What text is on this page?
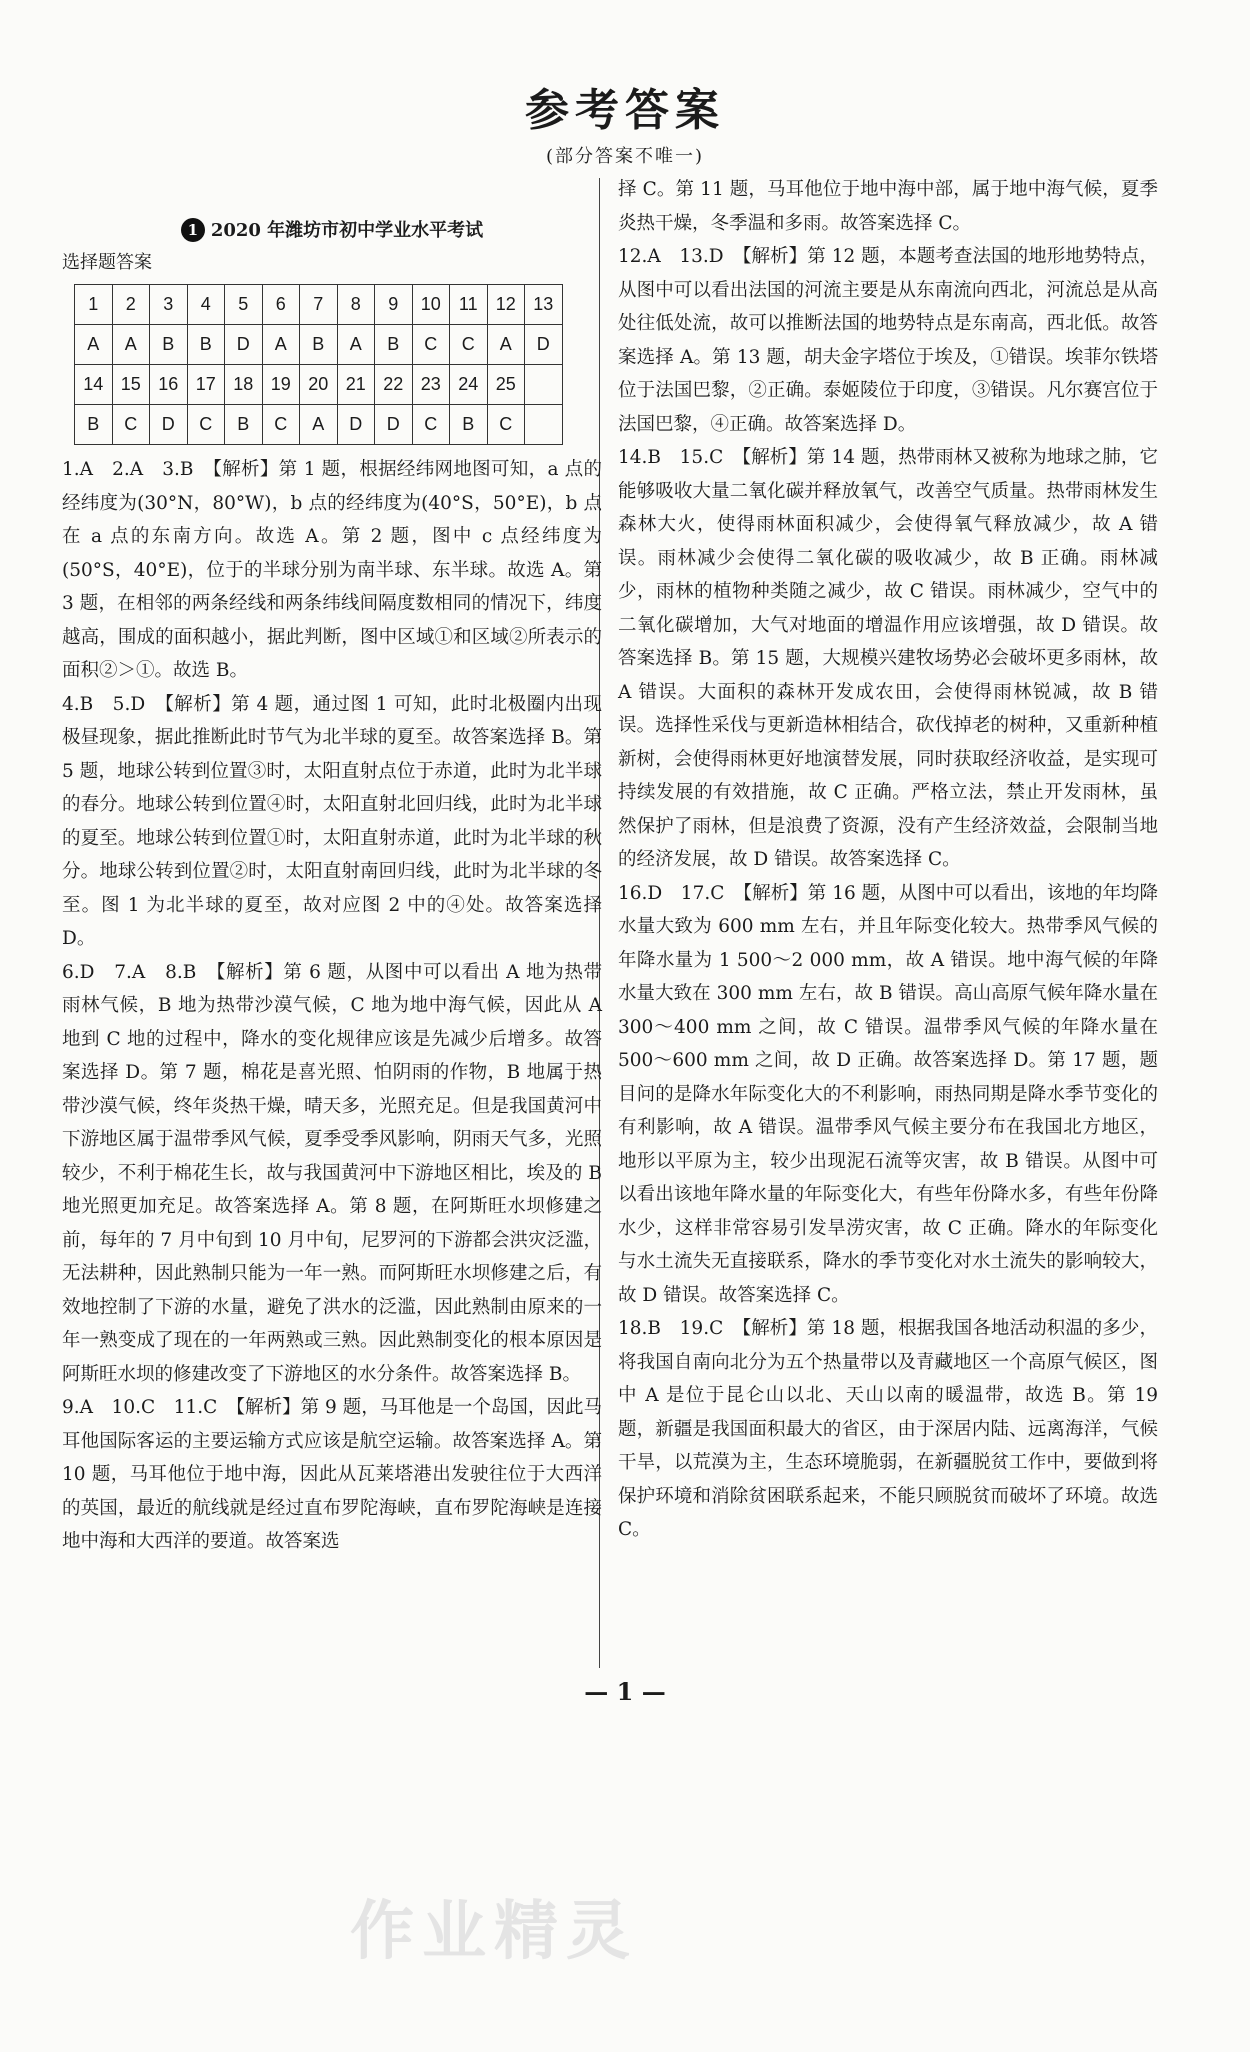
参考答案
(部分答案不唯一)
1 2020 年潍坊市初中学业水平考试
选择题答案
1	2	3	4	5	6	7	8	9	10	11	12	13
A	A	B	B	D	A	B	A	B	C	C	A	D
14	15	16	17	18	19	20	21	22	23	24	25	
B	C	D	C	B	C	A	D	D	C	B	C	

1.A　2.A　3.B　【解析】第 1 题，根据经纬网地图可知，a 点的经纬度为(30°N，80°W)，b 点的经纬度为(40°S，50°E)，b 点在 a 点的东南方向。故选 A。第 2 题，图中 c 点经纬度为(50°S，40°E)，位于的半球分别为南半球、东半球。故选 A。第 3 题，在相邻的两条经线和两条纬线间隔度数相同的情况下，纬度越高，围成的面积越小，据此判断，图中区域①和区域②所表示的面积②＞①。故选 B。

4.B　5.D　【解析】第 4 题，通过图 1 可知，此时北极圈内出现极昼现象，据此推断此时节气为北半球的夏至。故答案选择 B。第 5 题，地球公转到位置③时，太阳直射点位于赤道，此时为北半球的春分。地球公转到位置④时，太阳直射北回归线，此时为北半球的夏至。地球公转到位置①时，太阳直射赤道，此时为北半球的秋分。地球公转到位置②时，太阳直射南回归线，此时为北半球的冬至。图 1 为北半球的夏至，故对应图 2 中的④处。故答案选择 D。

6.D　7.A　8.B　【解析】第 6 题，从图中可以看出 A 地为热带雨林气候，B 地为热带沙漠气候，C 地为地中海气候，因此从 A 地到 C 地的过程中，降水的变化规律应该是先减少后增多。故答案选择 D。第 7 题，棉花是喜光照、怕阴雨的作物，B 地属于热带沙漠气候，终年炎热干燥，晴天多，光照充足。但是我国黄河中下游地区属于温带季风气候，夏季受季风影响，阴雨天气多，光照较少，不利于棉花生长，故与我国黄河中下游地区相比，埃及的 B 地光照更加充足。故答案选择 A。第 8 题，在阿斯旺水坝修建之前，每年的 7 月中旬到 10 月中旬，尼罗河的下游都会洪灾泛滥，无法耕种，因此熟制只能为一年一熟。而阿斯旺水坝修建之后，有效地控制了下游的水量，避免了洪水的泛滥，因此熟制由原来的一年一熟变成了现在的一年两熟或三熟。因此熟制变化的根本原因是阿斯旺水坝的修建改变了下游地区的水分条件。故答案选择 B。

9.A　10.C　11.C　【解析】第 9 题，马耳他是一个岛国，因此马耳他国际客运的主要运输方式应该是航空运输。故答案选择 A。第 10 题，马耳他位于地中海，因此从瓦莱塔港出发驶往位于大西洋的英国，最近的航线就是经过直布罗陀海峡，直布罗陀海峡是连接地中海和大西洋的要道。故答案选

择 C。第 11 题，马耳他位于地中海中部，属于地中海气候，夏季炎热干燥，冬季温和多雨。故答案选择 C。

12.A　13.D　【解析】第 12 题，本题考查法国的地形地势特点，从图中可以看出法国的河流主要是从东南流向西北，河流总是从高处往低处流，故可以推断法国的地势特点是东南高，西北低。故答案选择 A。第 13 题，胡夫金字塔位于埃及，①错误。埃菲尔铁塔位于法国巴黎，②正确。泰姬陵位于印度，③错误。凡尔赛宫位于法国巴黎，④正确。故答案选择 D。

14.B　15.C　【解析】第 14 题，热带雨林又被称为地球之肺，它能够吸收大量二氧化碳并释放氧气，改善空气质量。热带雨林发生森林大火，使得雨林面积减少，会使得氧气释放减少，故 A 错误。雨林减少会使得二氧化碳的吸收减少，故 B 正确。雨林减少，雨林的植物种类随之减少，故 C 错误。雨林减少，空气中的二氧化碳增加，大气对地面的增温作用应该增强，故 D 错误。故答案选择 B。第 15 题，大规模兴建牧场势必会破坏更多雨林，故 A 错误。大面积的森林开发成农田，会使得雨林锐减，故 B 错误。选择性采伐与更新造林相结合，砍伐掉老的树种，又重新种植新树，会使得雨林更好地演替发展，同时获取经济收益，是实现可持续发展的有效措施，故 C 正确。严格立法，禁止开发雨林，虽然保护了雨林，但是浪费了资源，没有产生经济效益，会限制当地的经济发展，故 D 错误。故答案选择 C。

16.D　17.C　【解析】第 16 题，从图中可以看出，该地的年均降水量大致为 600 mm 左右，并且年际变化较大。热带季风气候的年降水量为 1 500～2 000 mm，故 A 错误。地中海气候的年降水量大致在 300 mm 左右，故 B 错误。高山高原气候年降水量在 300～400 mm 之间，故 C 错误。温带季风气候的年降水量在 500～600 mm 之间，故 D 正确。故答案选择 D。第 17 题，题目问的是降水年际变化大的不利影响，雨热同期是降水季节变化的有利影响，故 A 错误。温带季风气候主要分布在我国北方地区，地形以平原为主，较少出现泥石流等灾害，故 B 错误。从图中可以看出该地年降水量的年际变化大，有些年份降水多，有些年份降水少，这样非常容易引发旱涝灾害，故 C 正确。降水的年际变化与水土流失无直接联系，降水的季节变化对水土流失的影响较大，故 D 错误。故答案选择 C。

18.B　19.C　【解析】第 18 题，根据我国各地活动积温的多少，将我国自南向北分为五个热量带以及青藏地区一个高原气候区，图中 A 是位于昆仑山以北、天山以南的暖温带，故选 B。第 19 题，新疆是我国面积最大的省区，由于深居内陆、远离海洋，气候干旱，以荒漠为主，生态环境脆弱，在新疆脱贫工作中，要做到将保护环境和消除贫困联系起来，不能只顾脱贫而破坏了环境。故选 C。

— 1 —
作业精灵
